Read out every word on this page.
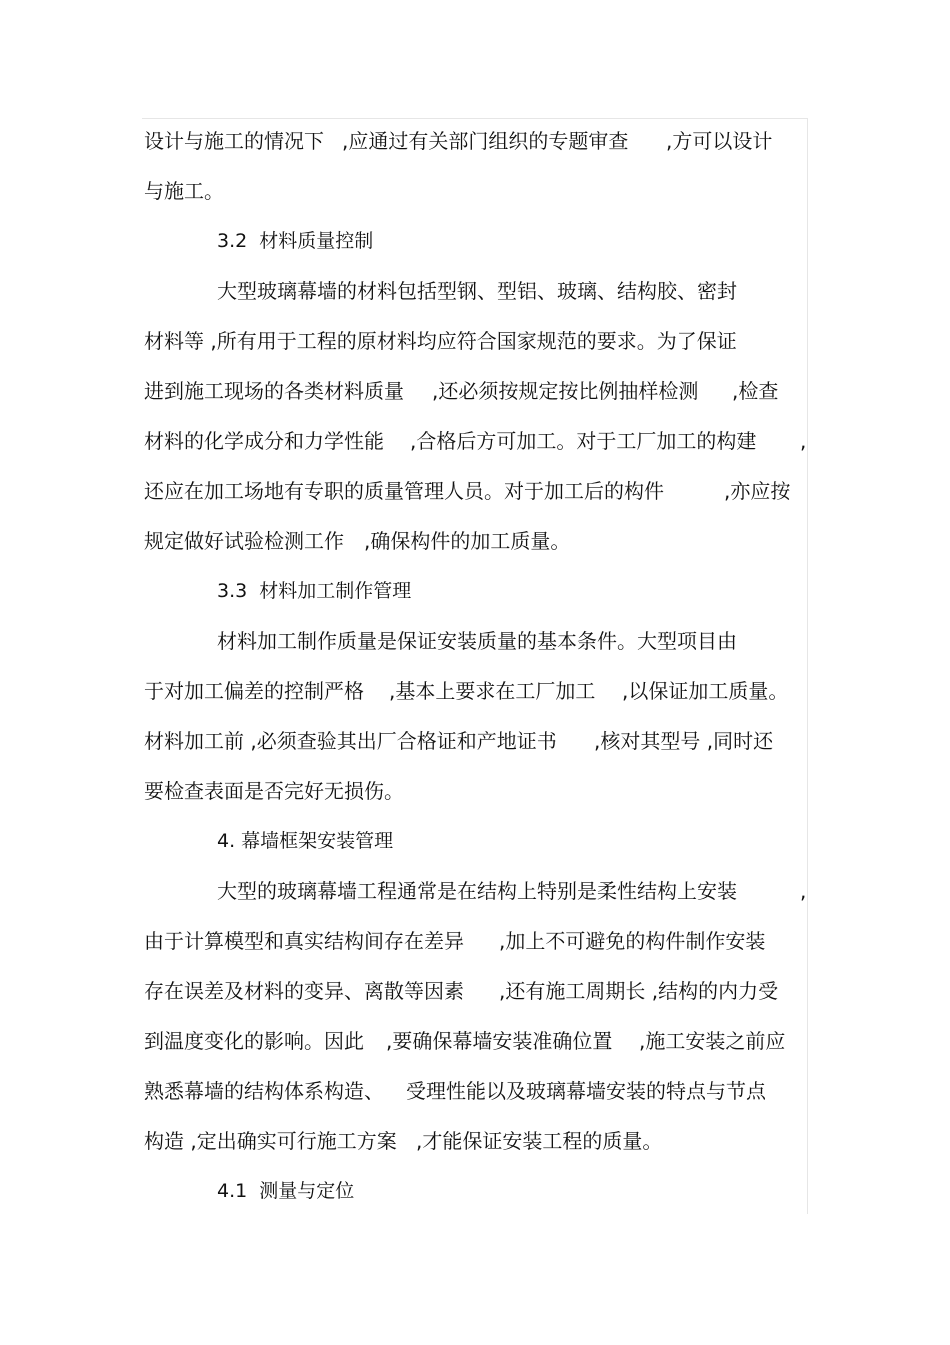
设计与施工的情况下 ,应通过有关部门组织的专题审查 ,方可以设计
与施工。
3.2  材料质量控制
大型玻璃幕墙的材料包括型钢、型铝、玻璃、结构胶、密封
材料等 ,所有用于工程的原材料均应符合国家规范的要求。为了保证
进到施工现场的各类材料质量 ,还必须按规定按比例抽样检测 ,检查
材料的化学成分和力学性能 ,合格后方可加工。对于工厂加工的构建 ,
还应在加工场地有专职的质量管理人员。对于加工后的构件	,亦应按
规定做好试验检测工作 ,确保构件的加工质量。
3.3  材料加工制作管理
材料加工制作质量是保证安装质量的基本条件。大型项目由
于对加工偏差的控制严格 ,基本上要求在工厂加工 ,以保证加工质量。
材料加工前 ,必须查验其出厂合格证和产地证书 ,核对其型号 ,同时还
要检查表面是否完好无损伤。
4. 幕墙框架安装管理
大型的玻璃幕墙工程通常是在结构上特别是柔性结构上安装	,
由于计算模型和真实结构间存在差异 ,加上不可避免的构件制作安装
存在误差及材料的变异、离散等因素 ,还有施工周期长 ,结构的内力受
到温度变化的影响。因此 ,要确保幕墙安装准确位置 ,施工安装之前应
熟悉幕墙的结构体系构造、 受理性能以及玻璃幕墙安装的特点与节点
构造 ,定出确实可行施工方案 ,才能保证安装工程的质量。
4.1  测量与定位
